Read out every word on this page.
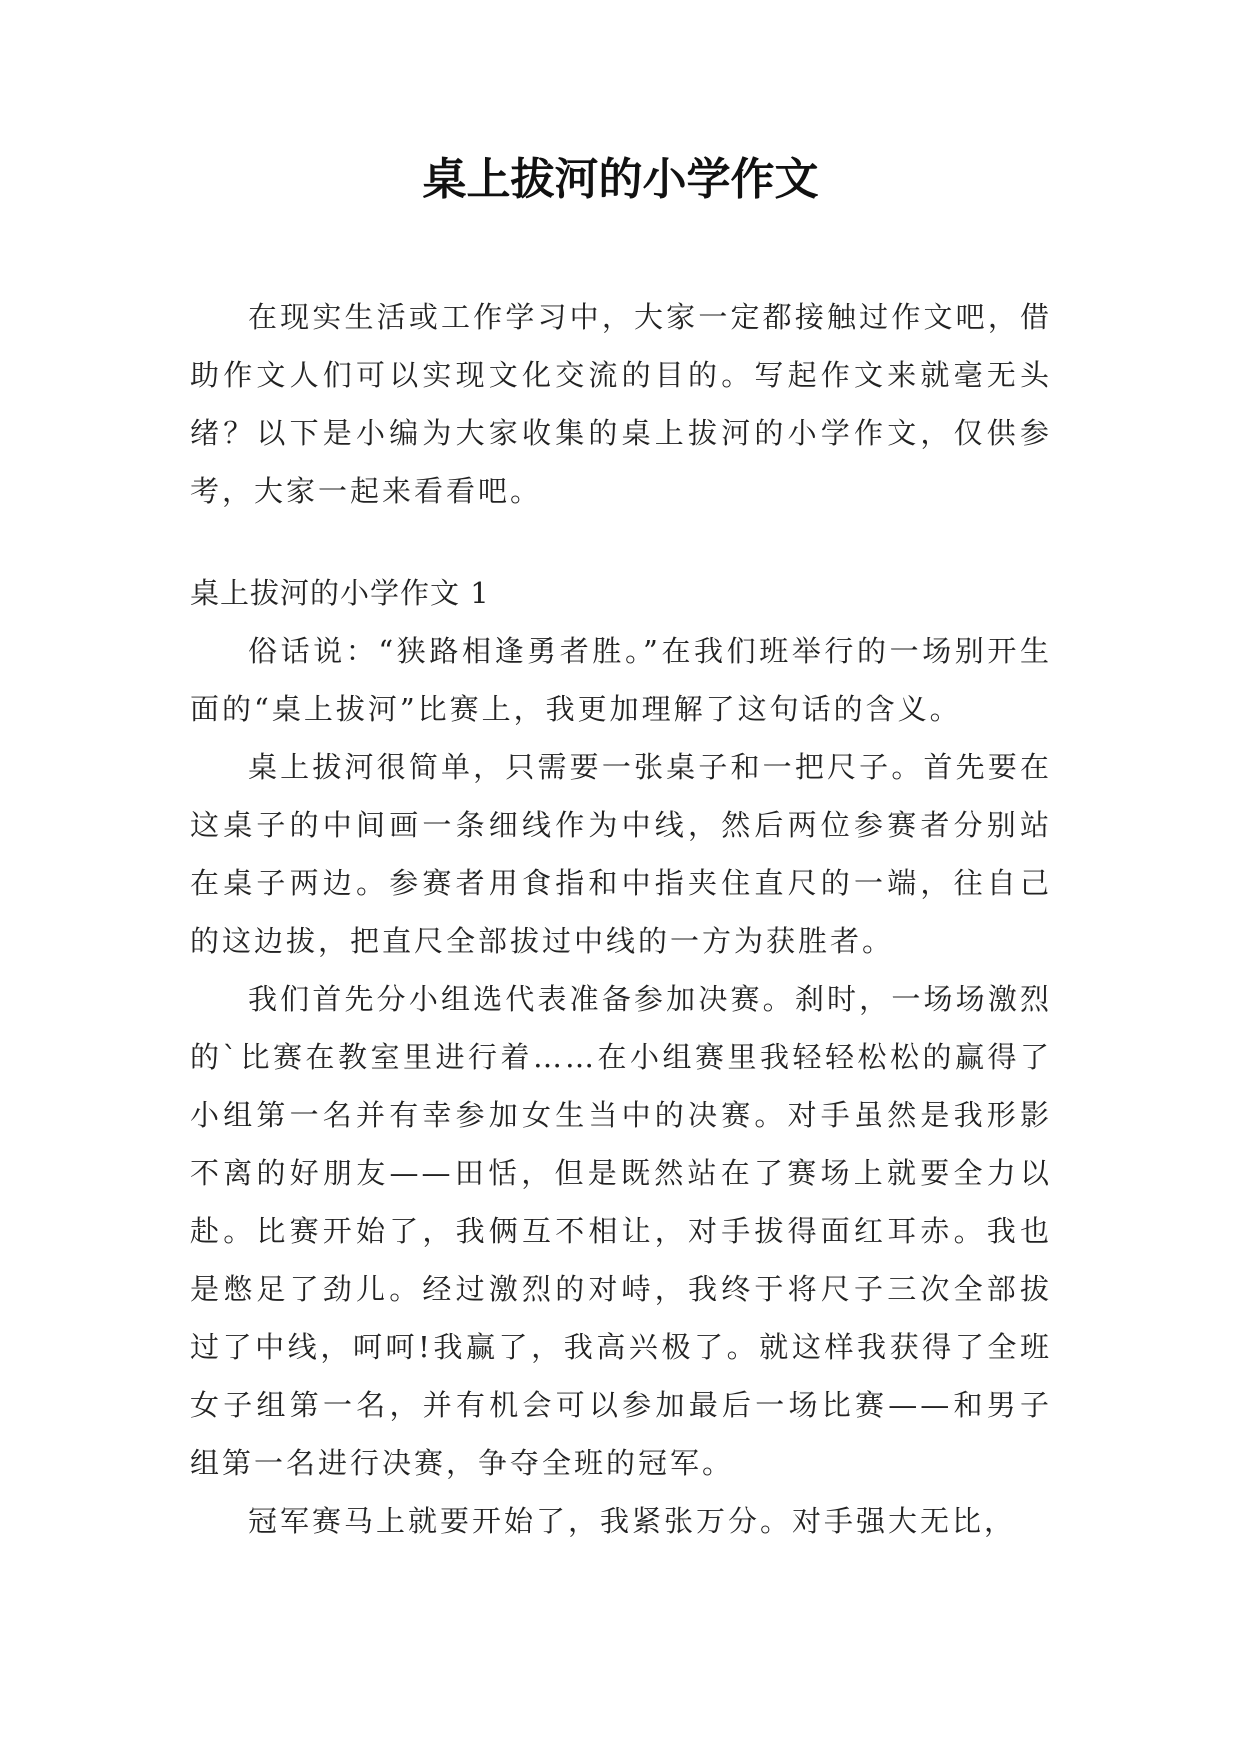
桌上拔河的小学作文

在现实生活或工作学习中，大家一定都接触过作文吧，借助作文人们可以实现文化交流的目的。写起作文来就毫无头绪？以下是小编为大家收集的桌上拔河的小学作文，仅供参考，大家一起来看看吧。

桌上拔河的小学作文 1

俗话说：“狭路相逢勇者胜。”在我们班举行的一场别开生面的“桌上拔河”比赛上，我更加理解了这句话的含义。

桌上拔河很简单，只需要一张桌子和一把尺子。首先要在这桌子的中间画一条细线作为中线，然后两位参赛者分别站在桌子两边。参赛者用食指和中指夹住直尺的一端，往自己的这边拔，把直尺全部拔过中线的一方为获胜者。

我们首先分小组选代表准备参加决赛。刹时，一场场激烈的`比赛在教室里进行着……在小组赛里我轻轻松松的赢得了小组第一名并有幸参加女生当中的决赛。对手虽然是我形影不离的好朋友——田恬，但是既然站在了赛场上就要全力以赴。比赛开始了，我俩互不相让，对手拔得面红耳赤。我也是憋足了劲儿。经过激烈的对峙，我终于将尺子三次全部拔过了中线，呵呵!我赢了，我高兴极了。就这样我获得了全班女子组第一名，并有机会可以参加最后一场比赛——和男子组第一名进行决赛，争夺全班的冠军。

冠军赛马上就要开始了，我紧张万分。对手强大无比，
